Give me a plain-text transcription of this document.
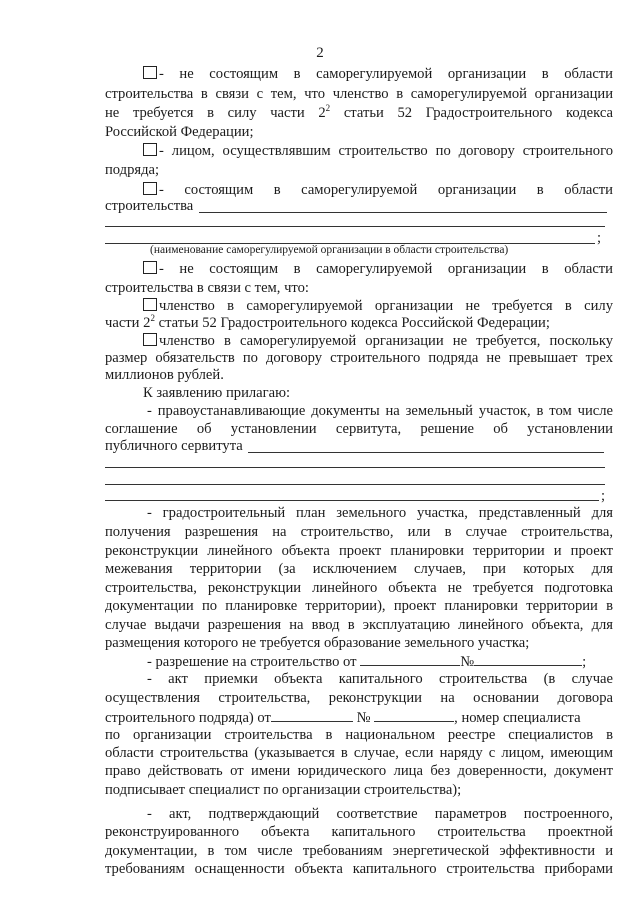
2
- не состоящим в саморегулируемой организации в области
строительства в связи с тем, что членство в саморегулируемой организации
не требуется в силу части $2^2$ статьи 52 Градостроительного кодекса
Российской Федерации;
- лицом, осуществлявшим строительство по договору строительного
подряда;
- состоящим в саморегулируемой организации в области
строительства
;
(наименование саморегулируемой организации в области строительства)
- не состоящим в саморегулируемой организации в области
строительства в связи с тем, что:
членство в саморегулируемой организации не требуется в силу
части $2^2$ статьи 52 Градостроительного кодекса Российской Федерации;
членство в саморегулируемой организации не требуется, поскольку
размер обязательств по договору строительного подряда не превышает трех
миллионов рублей.
К заявлению прилагаю:
- правоустанавливающие документы на земельный участок, в том числе
соглашение об установлении сервитута, решение об установлении
публичного сервитута
;
- градостроительный план земельного участка, представленный для
получения разрешения на строительство, или в случае строительства,
реконструкции линейного объекта проект планировки территории и проект
межевания территории (за исключением случаев, при которых для
строительства, реконструкции линейного объекта не требуется подготовка
документации по планировке территории), проект планировки территории в
случае выдачи разрешения на ввод в эксплуатацию линейного объекта, для
размещения которого не требуется образование земельного участка;
- разрешение на строительство от	№	;
- акт приемки объекта капитального строительства (в случае
осуществления строительства, реконструкции на основании договора
строительного подряда) от	№	, номер специалиста
по организации строительства в национальном реестре специалистов в
области строительства (указывается в случае, если наряду с лицом, имеющим
право действовать от имени юридического лица без доверенности, документ
подписывает специалист по организации строительства);
- акт, подтверждающий соответствие параметров построенного,
реконструированного объекта капитального строительства проектной
документации, в том числе требованиям энергетической эффективности и
требованиям оснащенности объекта капитального строительства приборами
